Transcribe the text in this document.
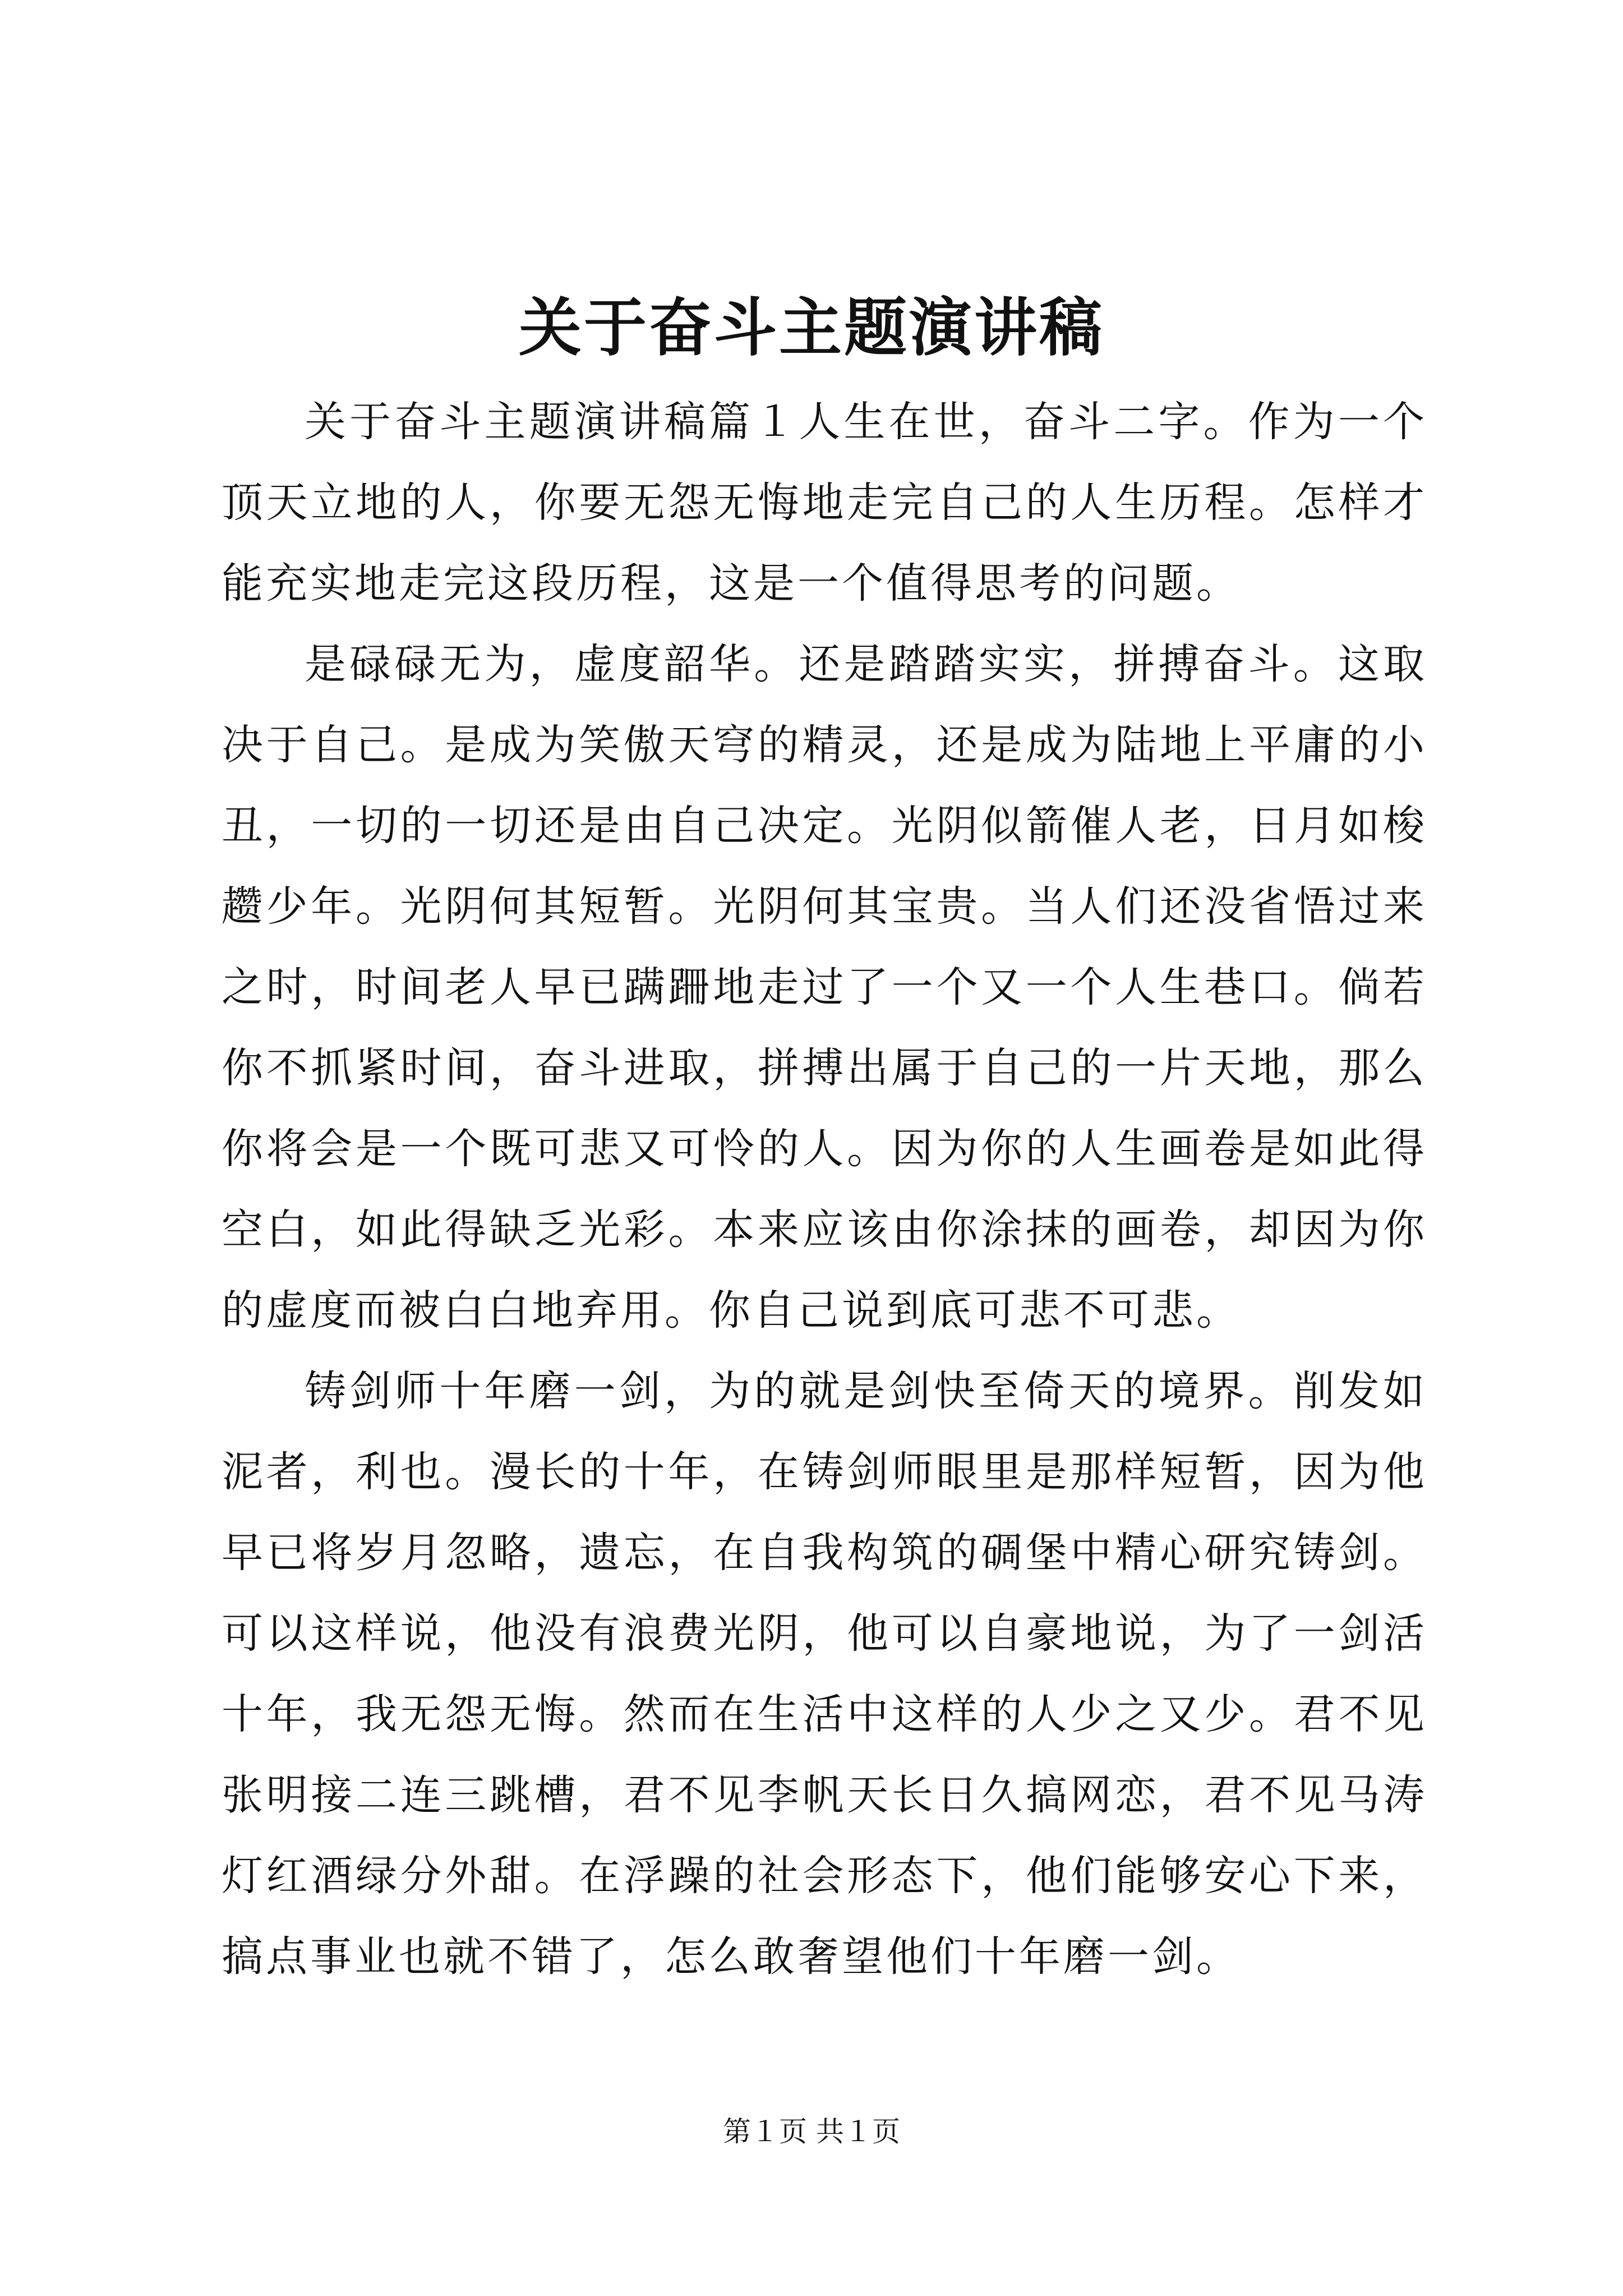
关于奋斗主题演讲稿

关于奋斗主题演讲稿篇１人生在世，奋斗二字。作为一个顶天立地的人，你要无怨无悔地走完自己的人生历程。怎样才能充实地走完这段历程，这是一个值得思考的问题。

是碌碌无为，虚度韶华。还是踏踏实实，拼搏奋斗。这取决于自己。是成为笑傲天穹的精灵，还是成为陆地上平庸的小丑，一切的一切还是由自己决定。光阴似箭催人老，日月如梭趱少年。光阴何其短暂。光阴何其宝贵。当人们还没省悟过来之时，时间老人早已蹒跚地走过了一个又一个人生巷口。倘若你不抓紧时间，奋斗进取，拼搏出属于自己的一片天地，那么你将会是一个既可悲又可怜的人。因为你的人生画卷是如此得空白，如此得缺乏光彩。本来应该由你涂抹的画卷，却因为你的虚度而被白白地弃用。你自己说到底可悲不可悲。

铸剑师十年磨一剑，为的就是剑快至倚天的境界。削发如泥者，利也。漫长的十年，在铸剑师眼里是那样短暂，因为他早已将岁月忽略，遗忘，在自我构筑的碉堡中精心研究铸剑。可以这样说，他没有浪费光阴，他可以自豪地说，为了一剑活十年，我无怨无悔。然而在生活中这样的人少之又少。君不见张明接二连三跳槽，君不见李帆天长日久搞网恋，君不见马涛灯红酒绿分外甜。在浮躁的社会形态下，他们能够安心下来，搞点事业也就不错了，怎么敢奢望他们十年磨一剑。

第１页 共１页
